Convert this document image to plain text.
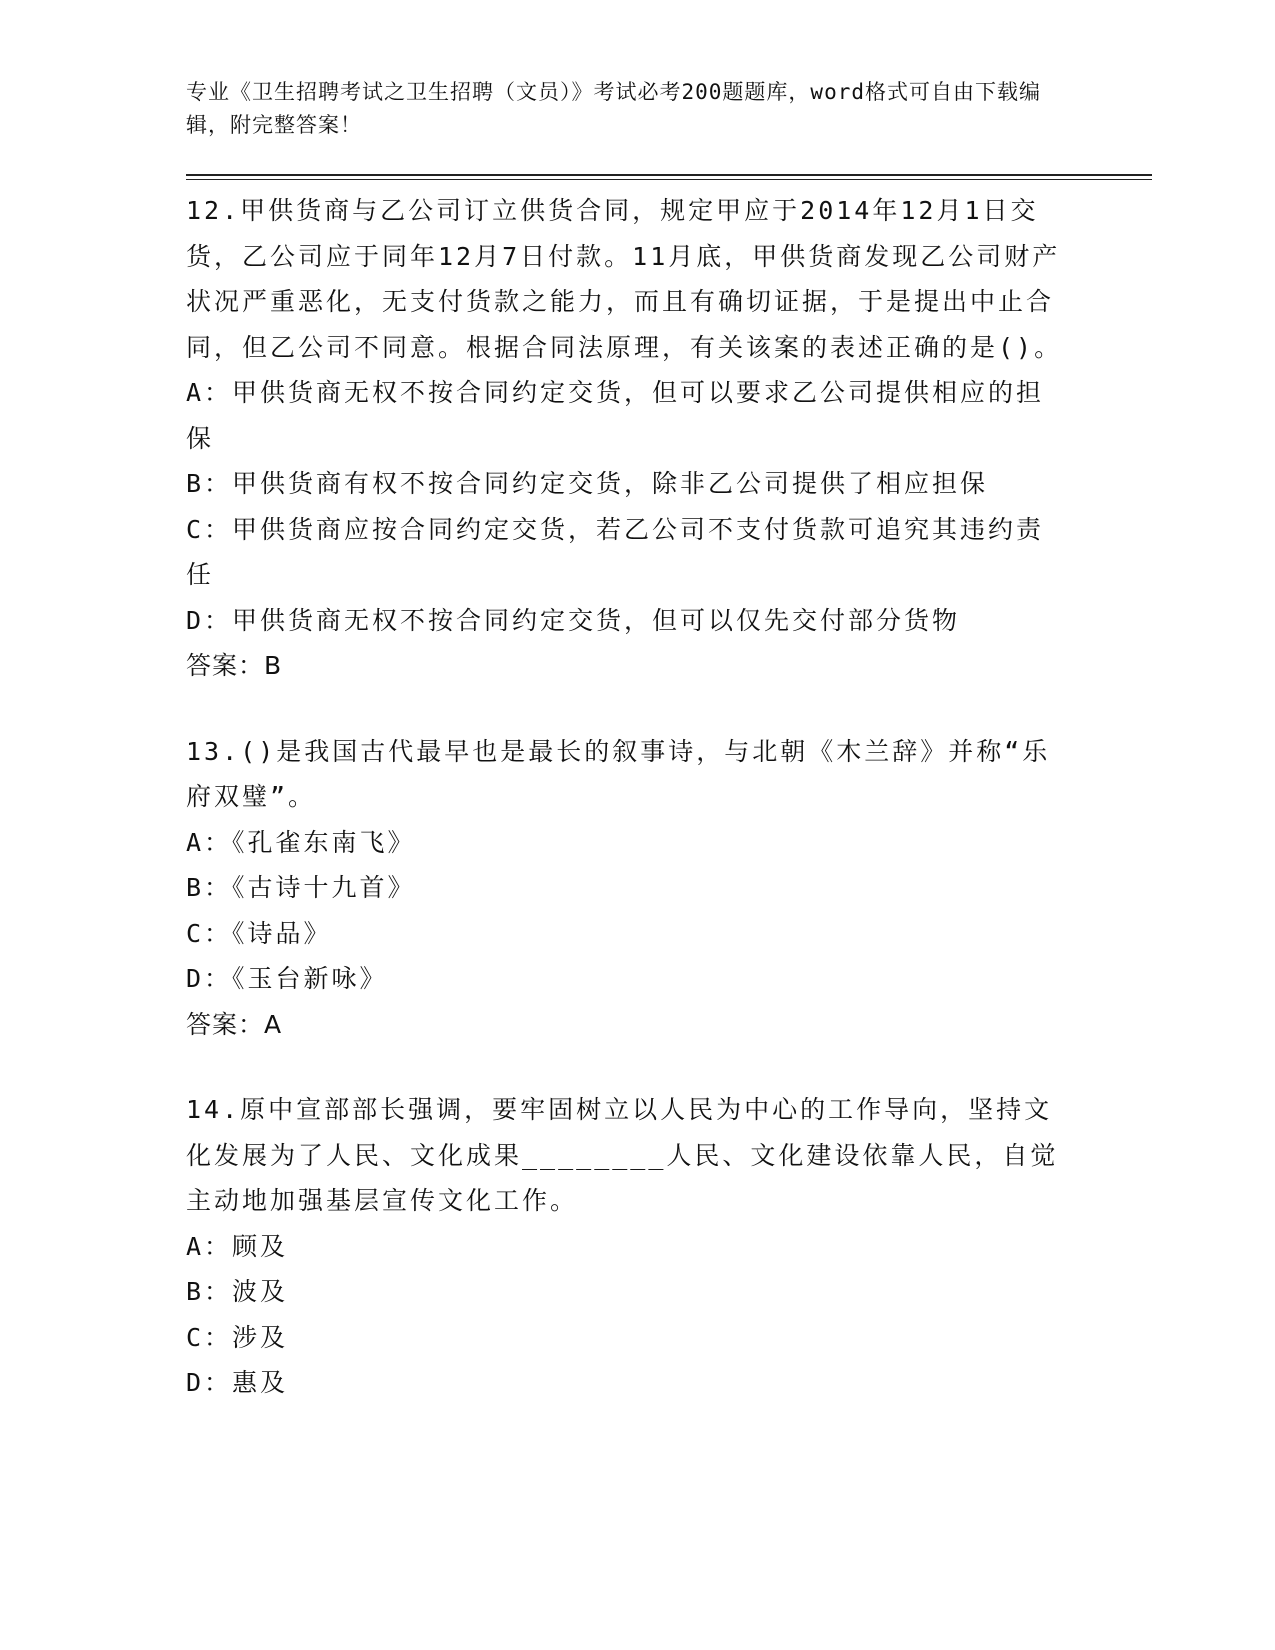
专业《卫生招聘考试之卫生招聘（文员）》考试必考200题题库，word格式可自由下载编辑，附完整答案！

12.甲供货商与乙公司订立供货合同，规定甲应于2014年12月1日交货，乙公司应于同年12月7日付款。11月底，甲供货商发现乙公司财产状况严重恶化，无支付货款之能力，而且有确切证据，于是提出中止合同，但乙公司不同意。根据合同法原理，有关该案的表述正确的是()。

A：甲供货商无权不按合同约定交货，但可以要求乙公司提供相应的担保

B：甲供货商有权不按合同约定交货，除非乙公司提供了相应担保

C：甲供货商应按合同约定交货，若乙公司不支付货款可追究其违约责任

D：甲供货商无权不按合同约定交货，但可以仅先交付部分货物

答案：B

13.()是我国古代最早也是最长的叙事诗，与北朝《木兰辞》并称“乐府双璧”。

A：《孔雀东南飞》

B：《古诗十九首》

C：《诗品》

D：《玉台新咏》

答案：A

14.原中宣部部长强调，要牢固树立以人民为中心的工作导向，坚持文化发展为了人民、文化成果________人民、文化建设依靠人民，自觉主动地加强基层宣传文化工作。

A：顾及

B：波及

C：涉及

D：惠及
